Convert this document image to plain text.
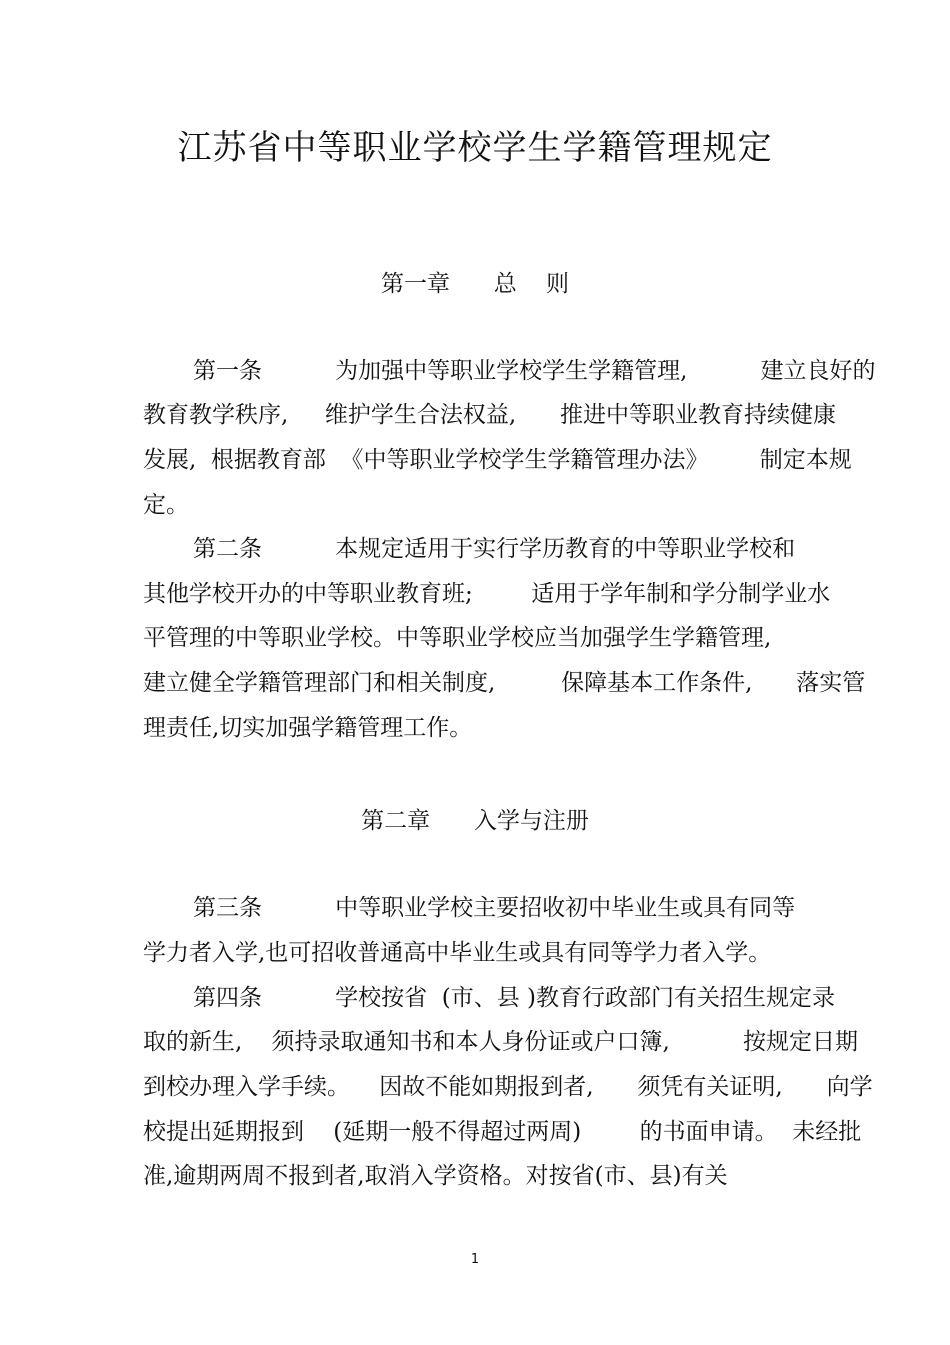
江苏省中等职业学校学生学籍管理规定
第一章      总    则
第一条          为加强中等职业学校学生学籍管理,          建立良好的
教育教学秩序,     维护学生合法权益,      推进中等职业教育持续健康
发展,  根据教育部  《中等职业学校学生学籍管理办法》       制定本规
定。
第二条          本规定适用于实行学历教育的中等职业学校和
其他学校开办的中等职业教育班;        适用于学年制和学分制学业水
平管理的中等职业学校。中等职业学校应当加强学生学籍管理,
建立健全学籍管理部门和相关制度,         保障基本工作条件,      落实管
理责任,切实加强学籍管理工作。
第二章      入学与注册
第三条          中等职业学校主要招收初中毕业生或具有同等
学力者入学,也可招收普通高中毕业生或具有同等学力者入学。
第四条          学校按省  (市、县 )教育行政部门有关招生规定录
取的新生,    须持录取通知书和本人身份证或户口簿,          按规定日期
到校办理入学手续。    因故不能如期报到者,      须凭有关证明,      向学
校提出延期报到    (延期一般不得超过两周)        的书面申请。  未经批
准,逾期两周不报到者,取消入学资格。对按省(市、县)有关
1
